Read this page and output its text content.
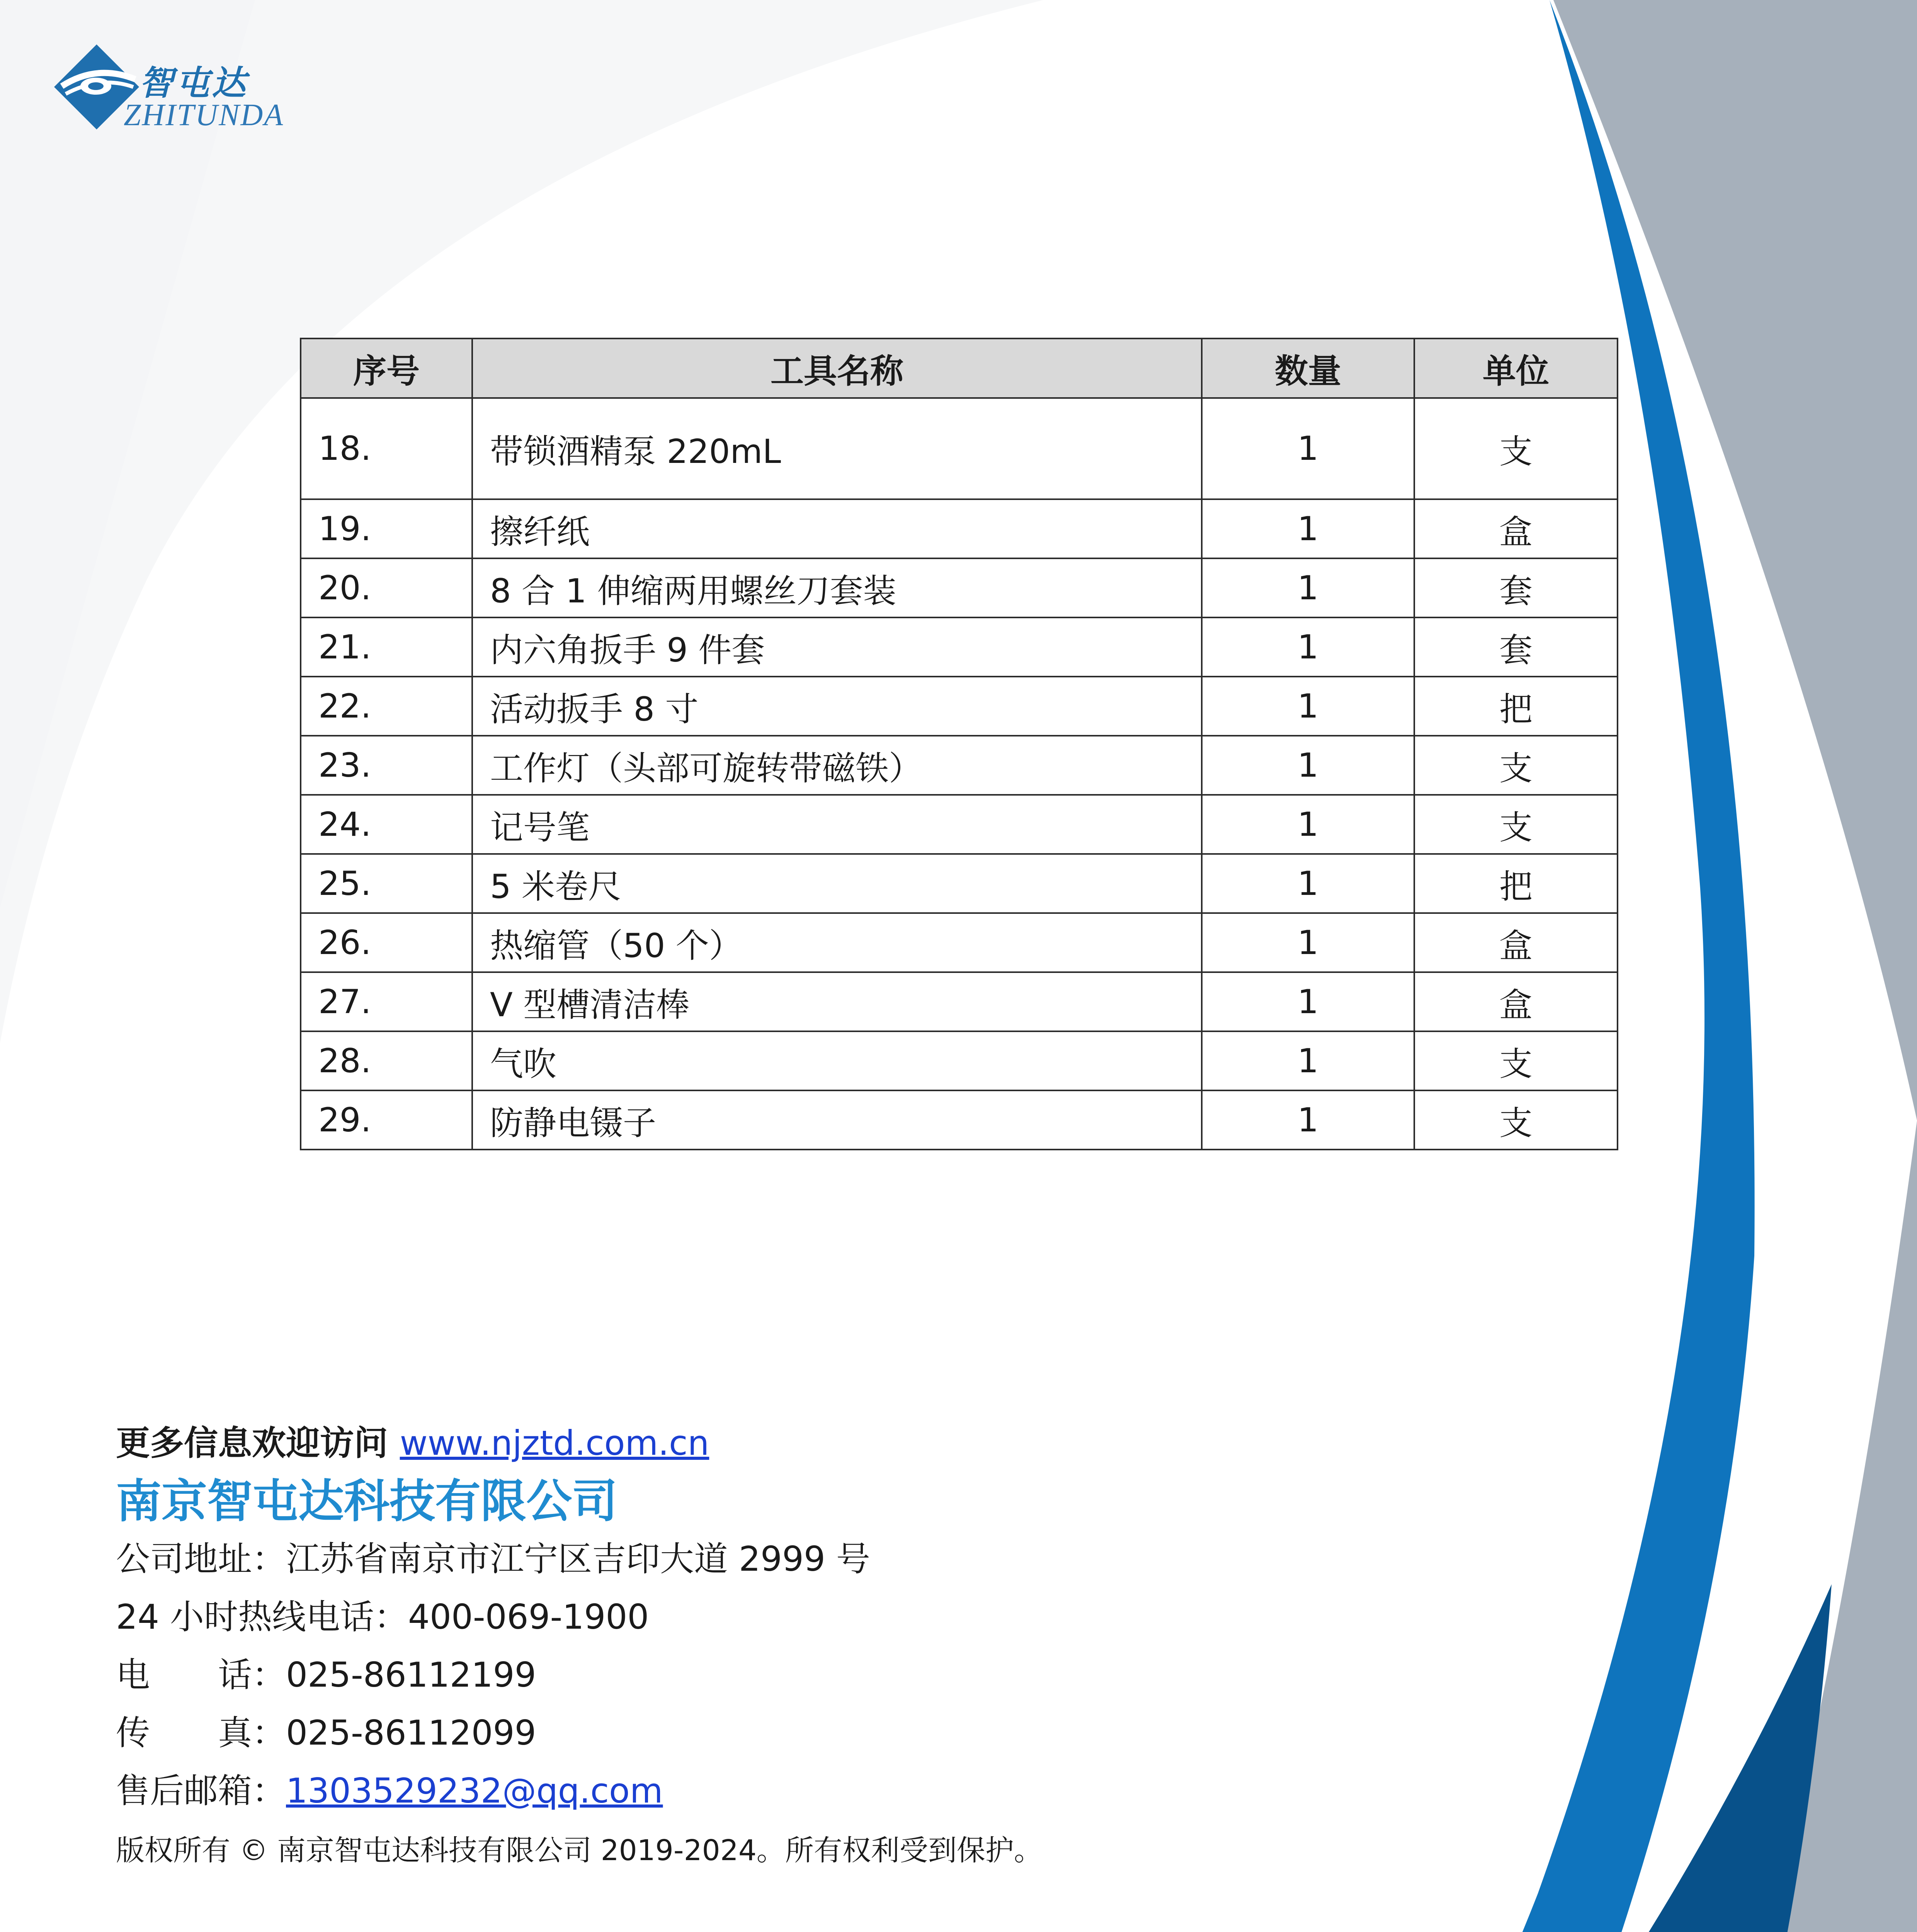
智屯达
ZHITUNDA
序号	工具名称	数量	单位
18.	带锁酒精泵 220mL	1	支
19.	擦纤纸	1	盒
20.	8 合 1 伸缩两用螺丝刀套装	1	套
21.	内六角扳手 9 件套	1	套
22.	活动扳手 8 寸	1	把
23.	工作灯（头部可旋转带磁铁）	1	支
24.	记号笔	1	支
25.	5 米卷尺	1	把
26.	热缩管（50 个）	1	盒
27.	V 型槽清洁棒	1	盒
28.	气吹	1	支
29.	防静电镊子	1	支
更多信息欢迎访问 www.njztd.com.cn
南京智屯达科技有限公司
公司地址：江苏省南京市江宁区吉印大道 2999 号
24 小时热线电话：400-069-1900
电　　话：025-86112199
传　　真：025-86112099
售后邮箱：1303529232@qq.com
版权所有 © 南京智屯达科技有限公司 2019-2024。所有权利受到保护。
